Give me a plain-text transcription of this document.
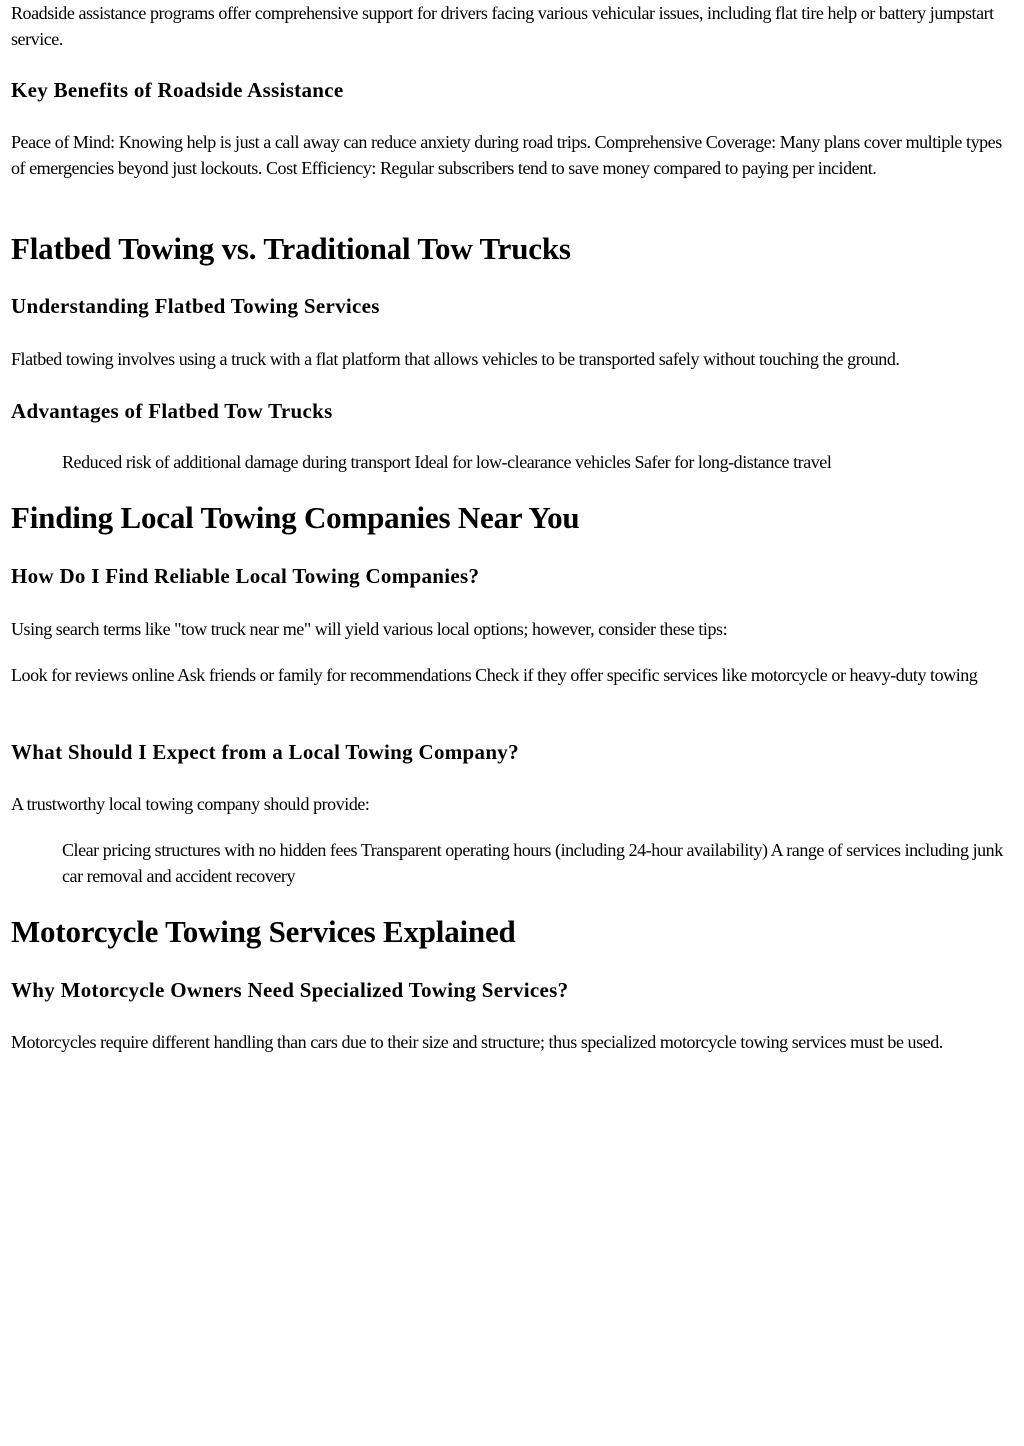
Roadside assistance programs offer comprehensive support for drivers facing various vehicular issues, including flat tire help or battery jumpstart service.

Key Benefits of Roadside Assistance

Peace of Mind: Knowing help is just a call away can reduce anxiety during road trips. Comprehensive Coverage: Many plans cover multiple types of emergencies beyond just lockouts. Cost Efficiency: Regular subscribers tend to save money compared to paying per incident.

Flatbed Towing vs. Traditional Tow Trucks
Understanding Flatbed Towing Services

Flatbed towing involves using a truck with a flat platform that allows vehicles to be transported safely without touching the ground.

Advantages of Flatbed Tow Trucks

Reduced risk of additional damage during transport Ideal for low-clearance vehicles Safer for long-distance travel

Finding Local Towing Companies Near You
How Do I Find Reliable Local Towing Companies?

Using search terms like "tow truck near me" will yield various local options; however, consider these tips:

Look for reviews online Ask friends or family for recommendations Check if they offer specific services like motorcycle or heavy-duty towing

What Should I Expect from a Local Towing Company?

A trustworthy local towing company should provide:

Clear pricing structures with no hidden fees Transparent operating hours (including 24-hour availability) A range of services including junk car removal and accident recovery

Motorcycle Towing Services Explained
Why Motorcycle Owners Need Specialized Towing Services?

Motorcycles require different handling than cars due to their size and structure; thus specialized motorcycle towing services must be used.
